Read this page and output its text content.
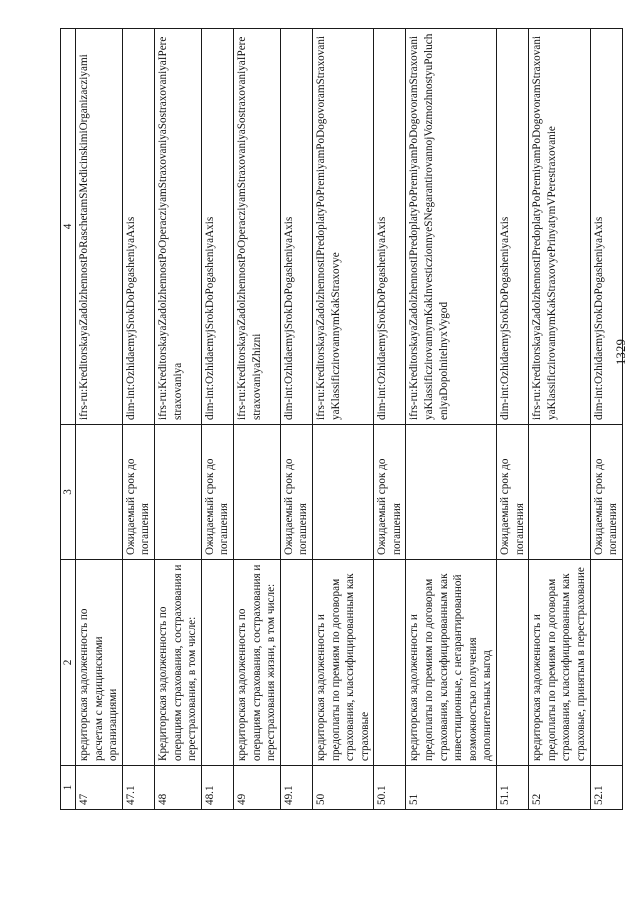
1	2	3	4
47	кредиторская задолженность по расчетам с медицинскими организациями		ifrs-ru:KreditorskayaZadolzhennostPoRaschetamSMedicinskimiOrganizacziyami
47.1		Ожидаемый срок до погашения	dim-int:OzhidaemyjSrokDoPogasheniyaAxis
48	Кредиторская задолженность по операциям страхования, сострахования и перестрахования, в том числе:		ifrs-ru:KreditorskayaZadolzhennostPoOperacziyamStraxovaniyaSostraxovaniyaIPerestraxovaniya
48.1		Ожидаемый срок до погашения	dim-int:OzhidaemyjSrokDoPogasheniyaAxis
49	кредиторская задолженность по операциям страхования, сострахования и перестрахования жизни, в том числе:		ifrs-ru:KreditorskayaZadolzhennostPoOperacziyamStraxovaniyaSostraxovaniyaIPerestraxovaniyaZhizni
49.1		Ожидаемый срок до погашения	dim-int:OzhidaemyjSrokDoPogasheniyaAxis
50	кредиторская задолженность и предоплаты по премиям по договорам страхования, классифицированным как страховые		ifrs-ru:KreditorskayaZadolzhennostIPredoplatyPoPremiyamPoDogovoramStraxovaniyaKlassificzirovannymKakStraxovye
50.1		Ожидаемый срок до погашения	dim-int:OzhidaemyjSrokDoPogasheniyaAxis
51	кредиторская задолженность и предоплаты по премиям по договорам страхования, классифицированным как инвестиционные, с негарантированной возможностью получения дополнительных выгод		ifrs-ru:KreditorskayaZadolzhennostIPredoplatyPoPremiyamPoDogovoramStraxovaniyaKlassificzirovannymKakInvesticzionnyeSNegarantirovannojVozmozhnostyuPolucheniyaDopolnitelnyxVygod
51.1		Ожидаемый срок до погашения	dim-int:OzhidaemyjSrokDoPogasheniyaAxis
52	кредиторская задолженность и предоплаты по премиям по договорам страхования, классифицированным как страховые, принятым в перестрахование		ifrs-ru:KreditorskayaZadolzhennostIPredoplatyPoPremiyamPoDogovoramStraxovaniyaKlassificzirovannymKakStraxovyePrinyatymVPerestraxovanie
52.1		Ожидаемый срок до погашения	dim-int:OzhidaemyjSrokDoPogasheniyaAxis 1329
